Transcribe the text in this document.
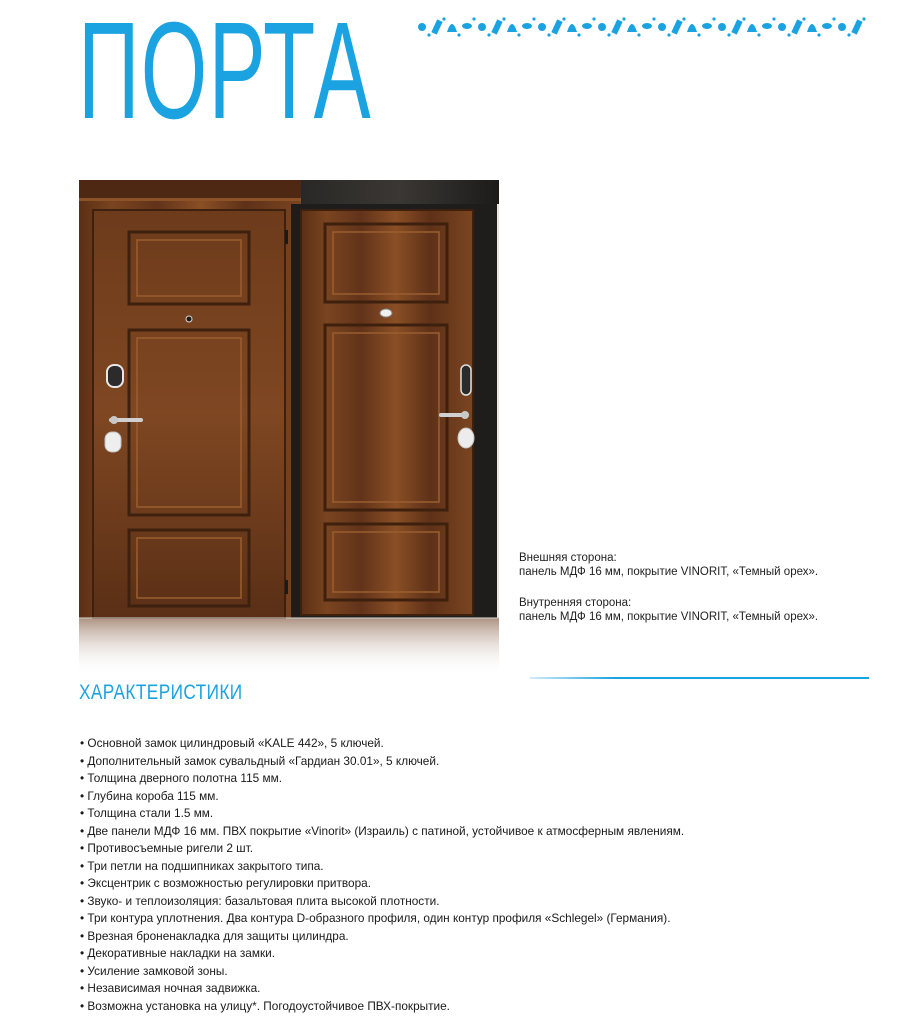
ПОРТА
Внешняя сторона:
панель МДФ 16 мм, покрытие VINORIT, «Темный орех».
Внутренняя сторона:
панель МДФ 16 мм, покрытие VINORIT, «Темный орех».
ХАРАКТЕРИСТИКИ
• Основной замок цилиндровый «KALE 442», 5 ключей.
• Дополнительный замок сувальдный «Гардиан 30.01», 5 ключей.
• Толщина дверного полотна 115 мм.
• Глубина короба 115 мм.
• Толщина стали 1.5 мм.
• Две панели МДФ 16 мм. ПВХ покрытие «Vinorit» (Израиль) с патиной, устойчивое к атмосферным явлениям.
• Противосъемные ригели 2 шт.
• Три петли на подшипниках закрытого типа.
• Эксцентрик с возможностью регулировки притвора.
• Звуко- и теплоизоляция: базальтовая плита высокой плотности.
• Три контура уплотнения. Два контура D-образного профиля, один контур профиля «Schlegel» (Германия).
• Врезная броненакладка для защиты цилиндра.
• Декоративные накладки на замки.
• Усиление замковой зоны.
• Независимая ночная задвижка.
• Возможна установка на улицу*. Погодоустойчивое ПВХ-покрытие.
